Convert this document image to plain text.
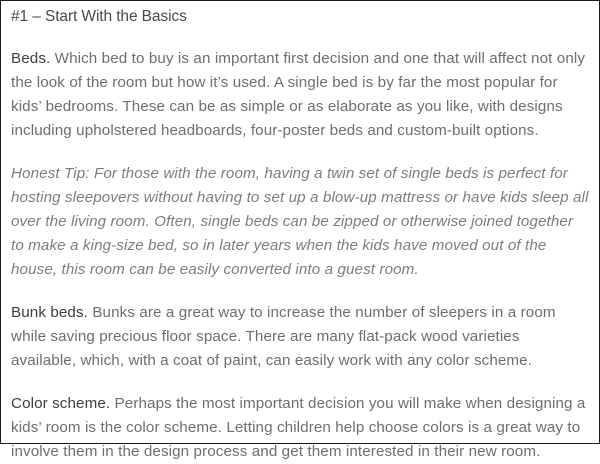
#1 – Start With the Basics

Beds. Which bed to buy is an important first decision and one that will affect not only the look of the room but how it’s used. A single bed is by far the most popular for kids’ bedrooms. These can be as simple or as elaborate as you like, with designs including upholstered headboards, four-poster beds and custom-built options.

Honest Tip: For those with the room, having a twin set of single beds is perfect for hosting sleepovers without having to set up a blow-up mattress or have kids sleep all over the living room. Often, single beds can be zipped or otherwise joined together to make a king-size bed, so in later years when the kids have moved out of the house, this room can be easily converted into a guest room.

Bunk beds. Bunks are a great way to increase the number of sleepers in a room while saving precious floor space. There are many flat-pack wood varieties available, which, with a coat of paint, can easily work with any color scheme.

Color scheme. Perhaps the most important decision you will make when designing a kids’ room is the color scheme. Letting children help choose colors is a great way to involve them in the design process and get them interested in their new room.
